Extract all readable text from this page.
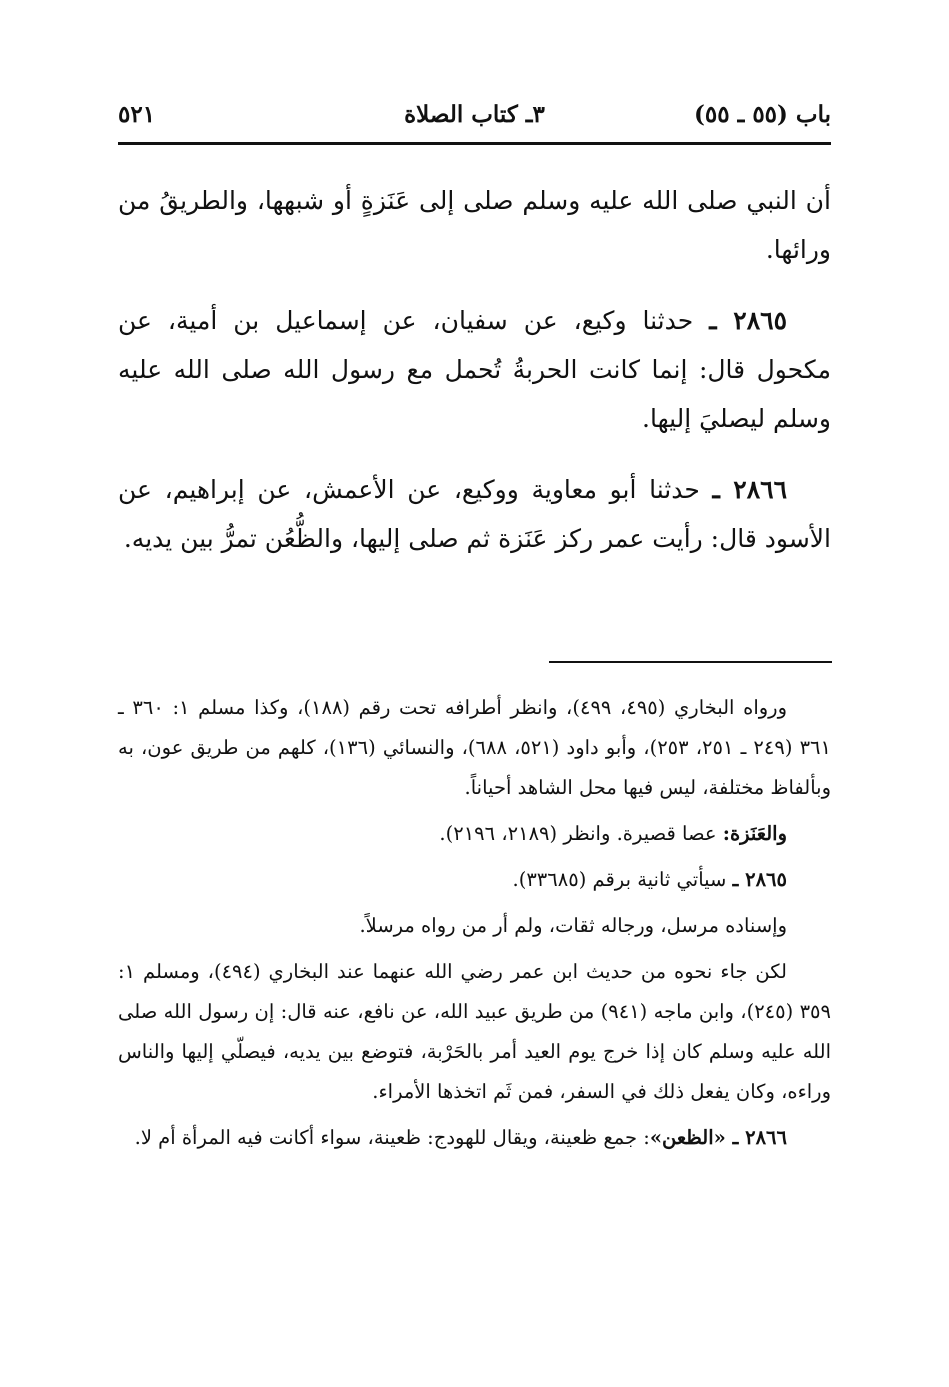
باب (٥٥ ـ ٥٥)
٣ـ كتاب الصلاة
٥٢١

أن النبي صلى الله عليه وسلم صلى إلى عَنَزةٍ أو شبهها، والطريقُ من ورائها.

٢٨٦٥ ـ حدثنا وكيع، عن سفيان، عن إسماعيل بن أمية، عن مكحول قال: إنما كانت الحربةُ تُحمل مع رسول الله صلى الله عليه وسلم ليصليَ إليها.

٢٨٦٦ ـ حدثنا أبو معاوية ووكيع، عن الأعمش، عن إبراهيم، عن الأسود قال: رأيت عمر ركز عَنَزة ثم صلى إليها، والظُّعُن تمرُّ بين يديه.

ورواه البخاري (٤٩٥، ٤٩٩)، وانظر أطرافه تحت رقم (١٨٨)، وكذا مسلم ١: ٣٦٠ ـ ٣٦١ (٢٤٩ ـ ٢٥١، ٢٥٣)، وأبو داود (٥٢١، ٦٨٨)، والنسائي (١٣٦)، كلهم من طريق عون، به وبألفاظ مختلفة، ليس فيها محل الشاهد أحياناً.

والعَنَزة: عصا قصيرة. وانظر (٢١٨٩، ٢١٩٦).

٢٨٦٥ ـ سيأتي ثانية برقم (٣٣٦٨٥).

وإسناده مرسل، ورجاله ثقات، ولم أر من رواه مرسلاً.

لكن جاء نحوه من حديث ابن عمر رضي الله عنهما عند البخاري (٤٩٤)، ومسلم ١: ٣٥٩ (٢٤٥)، وابن ماجه (٩٤١) من طريق عبيد الله، عن نافع، عنه قال: إن رسول الله صلى الله عليه وسلم كان إذا خرج يوم العيد أمر بالحَرْبة، فتوضع بين يديه، فيصلّي إليها والناس وراءه، وكان يفعل ذلك في السفر، فمن ثَم اتخذها الأمراء.

٢٨٦٦ ـ «الظعن»: جمع ظعينة، ويقال للهودج: ظعينة، سواء أكانت فيه المرأة أم لا.
